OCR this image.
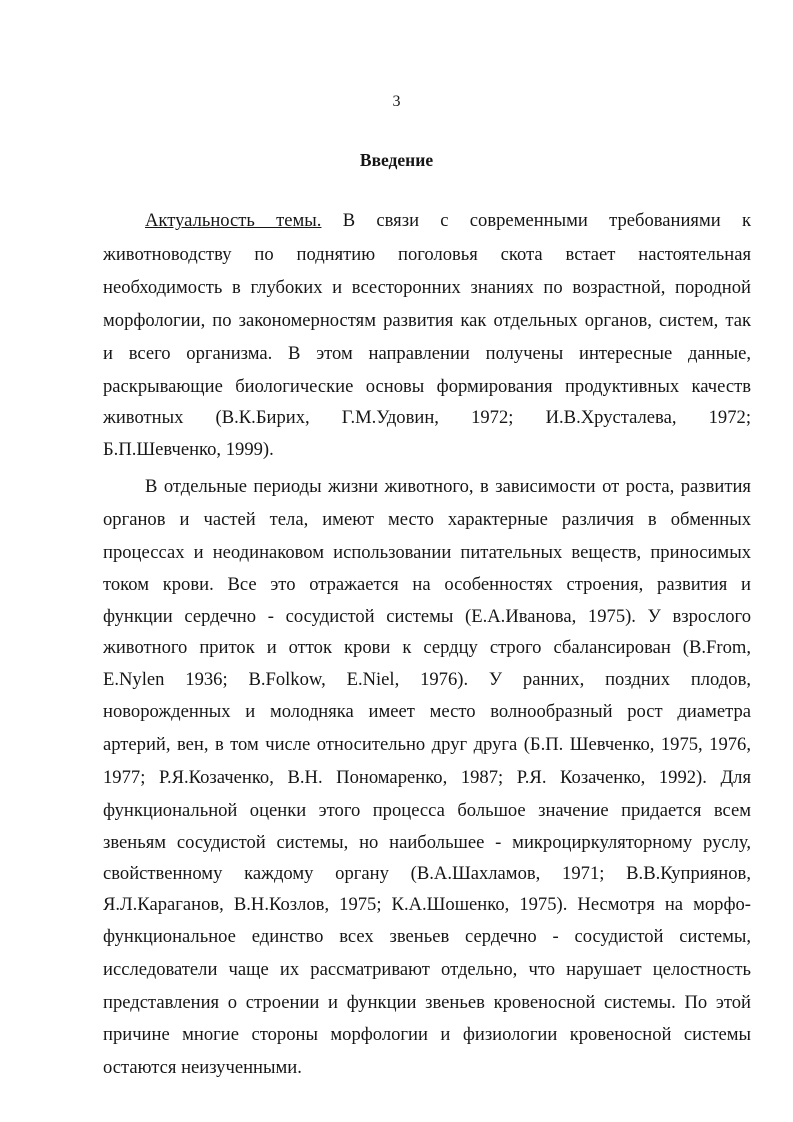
3
Введение
Актуальность темы. В связи с современными требованиями к
животноводству по поднятию поголовья скота встает настоятельная
необходимость в глубоких и всесторонних знаниях по возрастной, породной
морфологии, по закономерностям развития как отдельных органов, систем, так
и всего организма. В этом направлении получены интересные данные,
раскрывающие биологические основы формирования продуктивных качеств
животных (В.К.Бирих, Г.М.Удовин, 1972; И.В.Хрусталева, 1972;
Б.П.Шевченко, 1999).
В отдельные периоды жизни животного, в зависимости от роста, развития
органов и частей тела, имеют место характерные различия в обменных
процессах и неодинаковом использовании питательных веществ, приносимых
током крови. Все это отражается на особенностях строения, развития и
функции сердечно - сосудистой системы (Е.А.Иванова, 1975). У взрослого
животного приток и отток крови к сердцу строго сбалансирован (B.From,
E.Nylen 1936; B.Folkow, E.Niel, 1976). У ранних, поздних плодов,
новорожденных и молодняка имеет место волнообразный рост диаметра
артерий, вен, в том числе относительно друг друга (Б.П. Шевченко, 1975, 1976,
1977; Р.Я.Козаченко, В.Н. Пономаренко, 1987; Р.Я. Козаченко, 1992). Для
функциональной оценки этого процесса большое значение придается всем
звеньям сосудистой системы, но наибольшее - микроциркуляторному руслу,
свойственному каждому органу (В.А.Шахламов, 1971; В.В.Куприянов,
Я.Л.Караганов, В.Н.Козлов, 1975; К.А.Шошенко, 1975). Несмотря на морфо-
функциональное единство всех звеньев сердечно - сосудистой системы,
исследователи чаще их рассматривают отдельно, что нарушает целостность
представления о строении и функции звеньев кровеносной системы. По этой
причине многие стороны морфологии и физиологии кровеносной системы
остаются неизученными.
